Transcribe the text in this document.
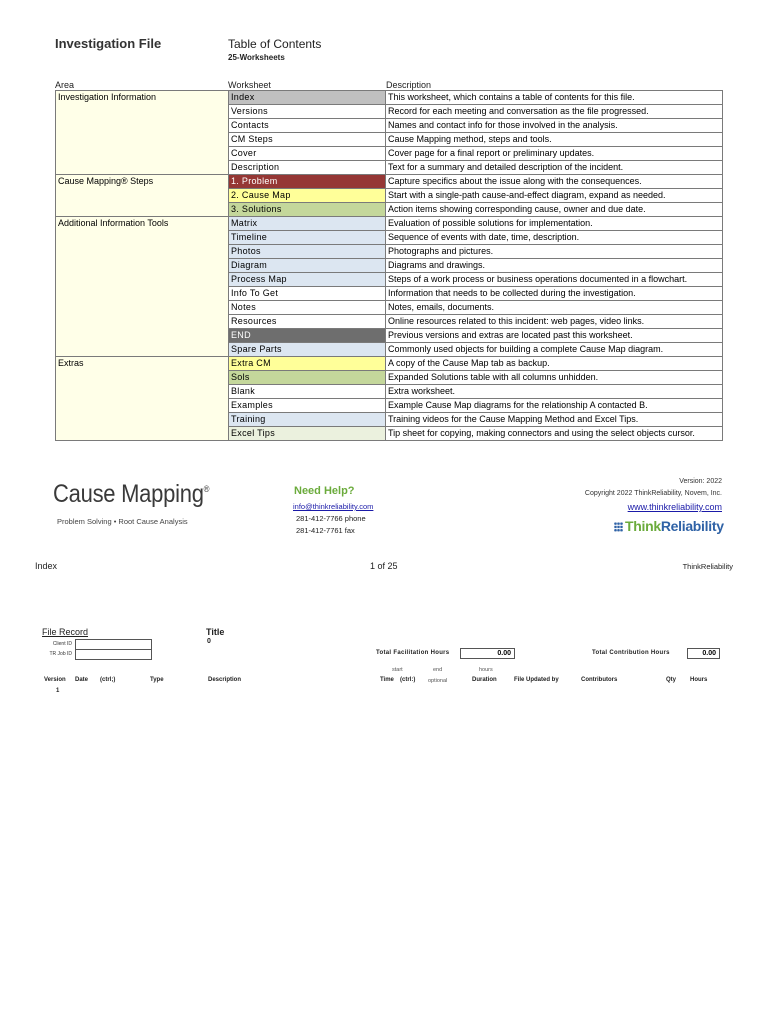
Investigation File	Table of Contents
25-Worksheets
Area	Worksheet	Description
Investigation Information	Index	This worksheet, which contains a table of contents for this file.
	Versions	Record for each meeting and conversation as the file progressed.
	Contacts	Names and contact info for those involved in the analysis.
	CM Steps	Cause Mapping method, steps and tools.
	Cover	Cover page for a final report or preliminary updates.
	Description	Text for a summary and detailed description of the incident.
Cause Mapping® Steps	1. Problem	Capture specifics about the issue along with the consequences.
	2. Cause Map	Start with a single-path cause-and-effect diagram, expand as needed.
	3. Solutions	Action items showing corresponding cause, owner and due date.
Additional Information Tools	Matrix	Evaluation of possible solutions for implementation.
	Timeline	Sequence of events with date, time, description.
	Photos	Photographs and pictures.
	Diagram	Diagrams and drawings.
	Process Map	Steps of a work process or business operations documented in a flowchart.
	Info To Get	Information that needs to be collected during the investigation.
	Notes	Notes, emails, documents.
	Resources	Online resources related to this incident: web pages, video links.
	END	Previous versions and extras are located past this worksheet.
	Spare Parts	Commonly used objects for building a complete Cause Map diagram.
Extras	Extra CM	A copy of the Cause Map tab as backup.
	Sols	Expanded Solutions table with all columns unhidden.
	Blank	Extra worksheet.
	Examples	Example Cause Map diagrams for the relationship A contacted B.
	Training	Training videos for the Cause Mapping Method and Excel Tips.
	Excel Tips	Tip sheet for copying, making connectors and using the select objects cursor.
Cause Mapping®
Problem Solving • Root Cause Analysis
Need Help?
info@thinkreliability.com
281-412-7766 phone
281-412-7761 fax
Version: 2022
Copyright 2022 ThinkReliability, Novem, Inc.
www.thinkreliability.com
ThinkReliability
Index	1 of 25	ThinkReliability
File Record
Client ID
TR Job ID
Title
0
Total Facilitation Hours	0.00	Total Contribution Hours	0.00
start	end	hours
Version Date (ctrl;)	Type	Description	Time (ctrl:) optional	Duration	File Updated by	Contributors	Qty Hours
1
